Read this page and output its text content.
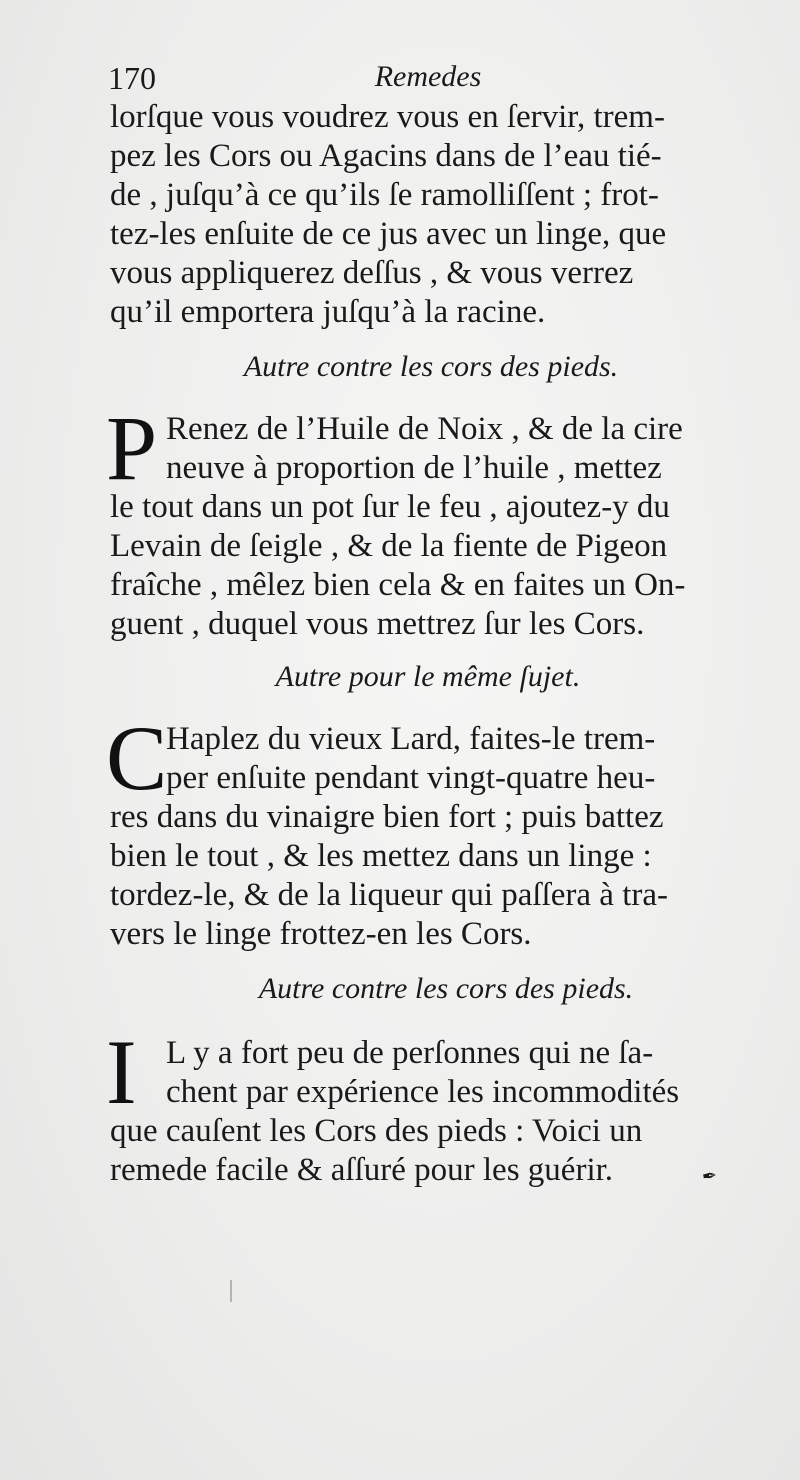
170	Remedes
lorſque vous voudrez vous en ſervir, trem-
pez les Cors ou Agacins dans de l’eau tié-
de , juſqu’à ce qu’ils ſe ramolliſſent ; frot-
tez-les enſuite de ce jus avec un linge, que
vous appliquerez deſſus , & vous verrez
qu’il emportera juſqu’à la racine.
Autre contre les cors des pieds.
P Renez de l’Huile de Noix , & de la cire
neuve à proportion de l’huile , mettez
le tout dans un pot ſur le feu , ajoutez-y du
Levain de ſeigle , & de la fiente de Pigeon
fraîche , mêlez bien cela & en faites un On-
guent , duquel vous mettrez ſur les Cors.
Autre pour le même ſujet.
C
Haplez du vieux Lard, faites-le trem-
per enſuite pendant vingt-quatre heu-
res dans du vinaigre bien fort ; puis battez
bien le tout , & les mettez dans un linge :
tordez-le, & de la liqueur qui paſſera à tra-
vers le linge frottez-en les Cors.
Autre contre les cors des pieds.
I L y a fort peu de perſonnes qui ne ſa-
chent par expérience les incommodités
que cauſent les Cors des pieds : Voici un
remede facile & aſſuré pour les guérir.	✒
